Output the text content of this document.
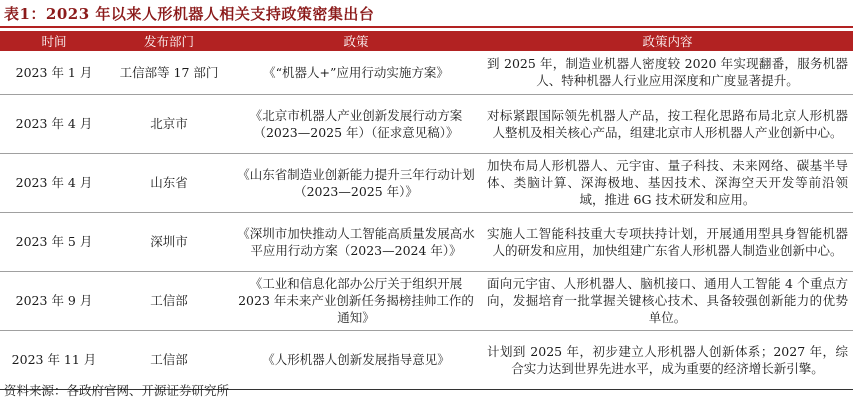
表1：2023 年以来人形机器人相关支持政策密集出台
时间	发布部门	政策	政策内容
2023 年 1 月	工信部等 17 部门	《“机器人+”应用行动实施方案》	到 2025 年，制造业机器人密度较 2020 年实现翻番，服务机器人、特种机器人行业应用深度和广度显著提升。
2023 年 4 月	北京市	《北京市机器人产业创新发展行动方案（2023—2025 年）（征求意见稿）》	对标紧跟国际领先机器人产品，按工程化思路布局北京人形机器人整机及相关核心产品，组建北京市人形机器人产业创新中心。
2023 年 4 月	山东省	《山东省制造业创新能力提升三年行动计划（2023—2025 年）》	加快布局人形机器人、元宇宙、量子科技、未来网络、碳基半导体、类脑计算、深海极地、基因技术、深海空天开发等前沿领域，推进 6G 技术研发和应用。
2023 年 5 月	深圳市	《深圳市加快推动人工智能高质量发展高水平应用行动方案（2023—2024 年）》	实施人工智能科技重大专项扶持计划，开展通用型具身智能机器人的研发和应用，加快组建广东省人形机器人制造业创新中心。
2023 年 9 月	工信部	《工业和信息化部办公厅关于组织开展 2023 年未来产业创新任务揭榜挂帅工作的通知》	面向元宇宙、人形机器人、脑机接口、通用人工智能 4 个重点方向，发掘培育一批掌握关键核心技术、具备较强创新能力的优势单位。
2023 年 11 月	工信部	《人形机器人创新发展指导意见》	计划到 2025 年，初步建立人形机器人创新体系；2027 年，综合实力达到世界先进水平，成为重要的经济增长新引擎。
资料来源：各政府官网、开源证券研究所
